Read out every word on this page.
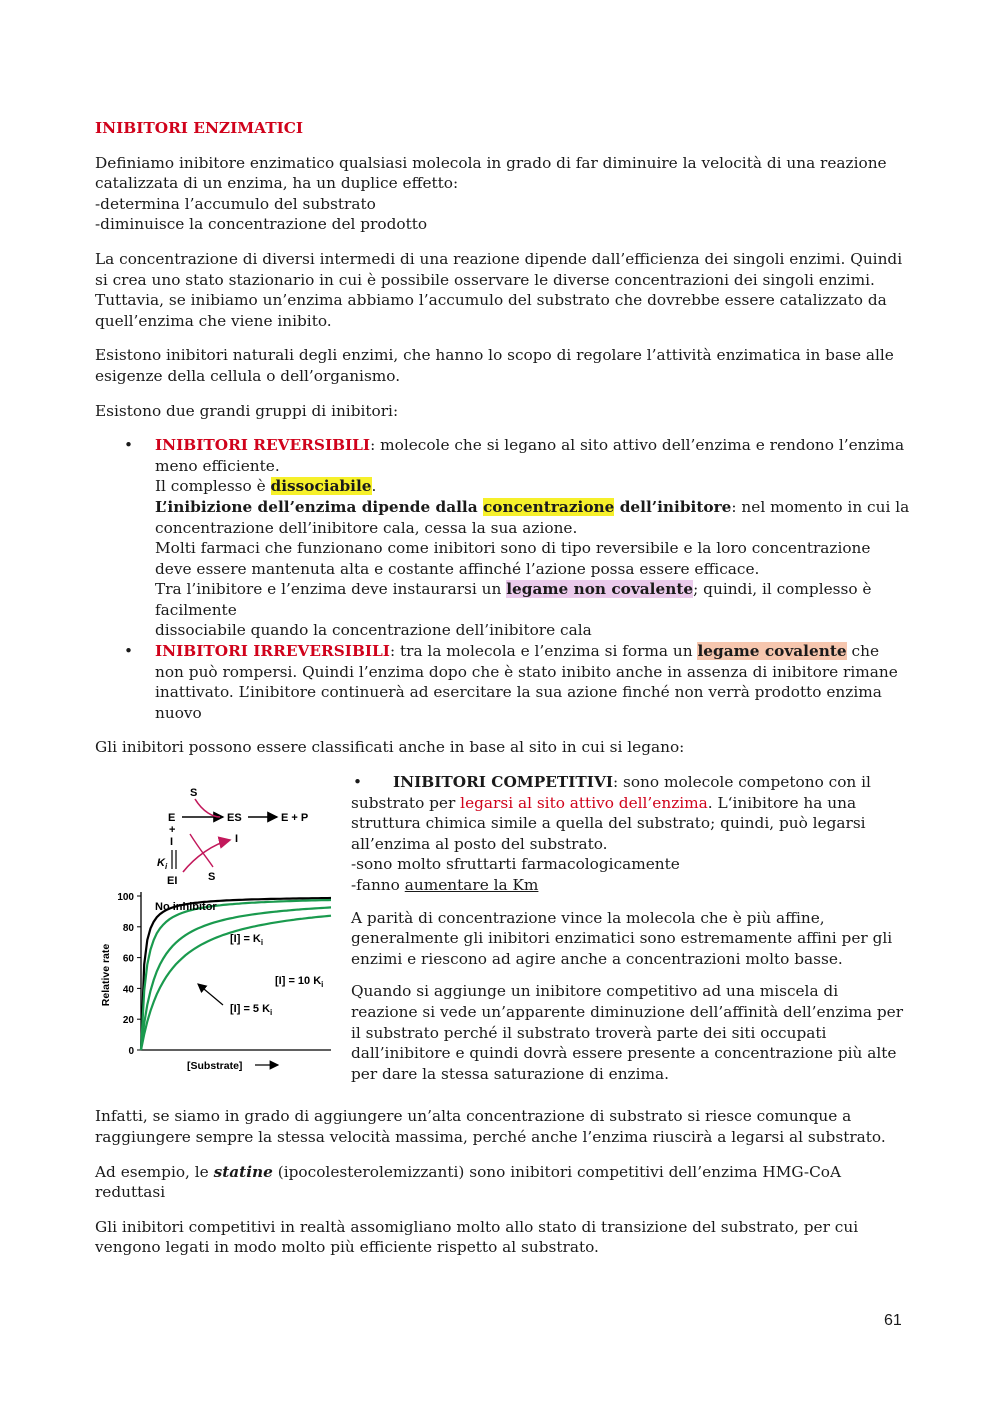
INIBITORI ENZIMATICI

Definiamo inibitore enzimatico qualsiasi molecola in grado di far diminuire la velocità di una reazione catalizzata di un enzima, ha un duplice effetto:
-determina l’accumulo del substrato
-diminuisce la concentrazione del prodotto

La concentrazione di diversi intermedi di una reazione dipende dall’efficienza dei singoli enzimi. Quindi si crea uno stato stazionario in cui è possibile osservare le diverse concentrazioni dei singoli enzimi. Tuttavia, se inibiamo un’enzima abbiamo l’accumulo del substrato che dovrebbe essere catalizzato da quell’enzima che viene inibito.

Esistono inibitori naturali degli enzimi, che hanno lo scopo di regolare l’attività enzimatica in base alle esigenze della cellula o dell’organismo.

Esistono due grandi gruppi di inibitori:

• INIBITORI REVERSIBILI: molecole che si legano al sito attivo dell’enzima e rendono l’enzima meno efficiente.
Il complesso è dissociabile.
L’inibizione dell’enzima dipende dalla concentrazione dell’inibitore: nel momento in cui la concentrazione dell’inibitore cala, cessa la sua azione.
Molti farmaci che funzionano come inibitori sono di tipo reversibile e la loro concentrazione deve essere mantenuta alta e costante affinché l’azione possa essere efficace.
Tra l’inibitore e l’enzima deve instaurarsi un legame non covalente; quindi, il complesso è facilmente
dissociabile quando la concentrazione dell’inibitore cala
• INIBITORI IRREVERSIBILI: tra la molecola e l’enzima si forma un legame covalente che non può rompersi. Quindi l’enzima dopo che è stato inibito anche in assenza di inibitore rimane inattivato. L’inibitore continuerà ad esercitare la sua azione finché non verrà prodotto enzima nuovo

Gli inibitori possono essere classificati anche in base al sito in cui si legano:

S
E	ES	E + P
+
I
$K_i$
EI
I
S
100
80
60
40
20
0
No inhibitor
$[I] = K_i$
[I] = 10 $K_i$
[I] = 5 $K_i$
Relative rate
[Substrate]

• INIBITORI COMPETITIVI: sono molecole competono con il substrato per legarsi al sito attivo dell’enzima. L‘inibitore ha una struttura chimica simile a quella del substrato; quindi, può legarsi all’enzima al posto del substrato.
-sono molto sfruttarti farmacologicamente
-fanno aumentare la Km

A parità di concentrazione vince la molecola che è più affine, generalmente gli inibitori enzimatici sono estremamente affini per gli enzimi e riescono ad agire anche a concentrazioni molto basse.

Quando si aggiunge un inibitore competitivo ad una miscela di reazione si vede un’apparente diminuzione dell’affinità dell’enzima per il substrato perché il substrato troverà parte dei siti occupati dall’inibitore e quindi dovrà essere presente a concentrazione più alte per dare la stessa saturazione di enzima.

Infatti, se siamo in grado di aggiungere un’alta concentrazione di substrato si riesce comunque a raggiungere sempre la stessa velocità massima, perché anche l’enzima riuscirà a legarsi al substrato.

Ad esempio, le statine (ipocolesterolemizzanti) sono inibitori competitivi dell’enzima HMG-CoA reduttasi

Gli inibitori competitivi in realtà assomigliano molto allo stato di transizione del substrato, per cui vengono legati in modo molto più efficiente rispetto al substrato.

61
